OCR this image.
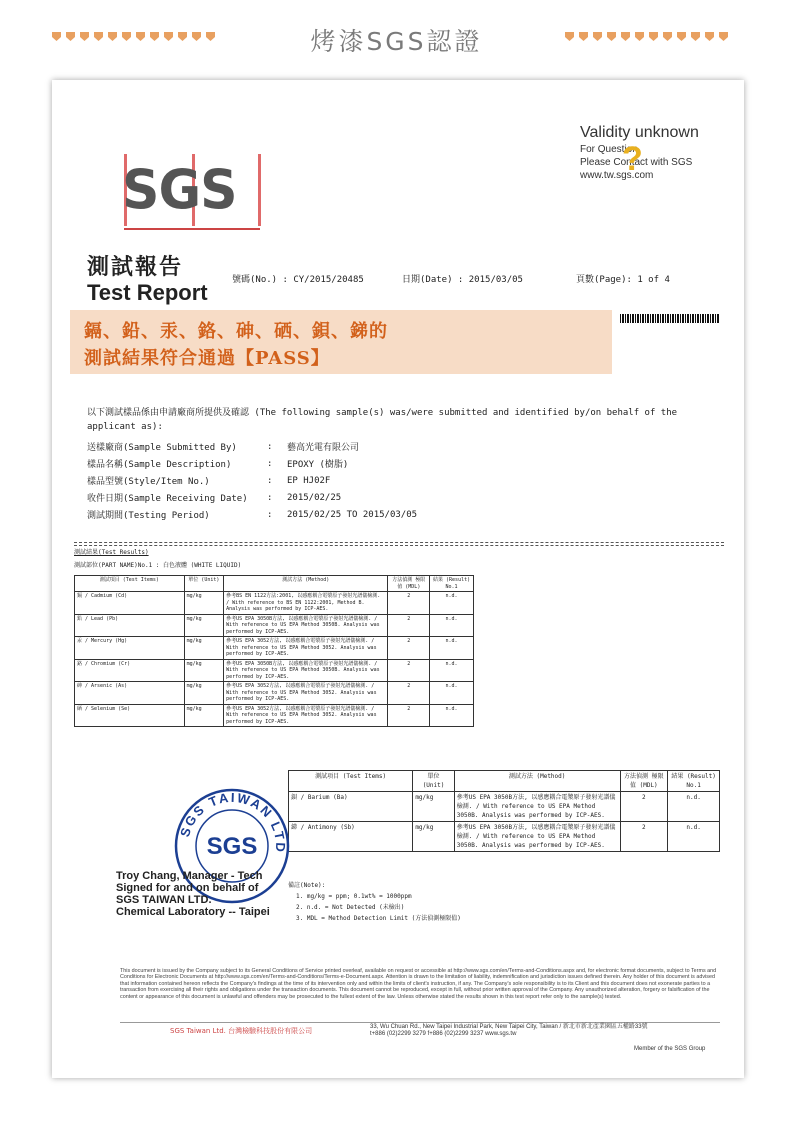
烤漆SGS認證
SGS
Validity unknown
For Question
Please Contact with SGS
www.tw.sgs.com
?
測試報告
Test Report	號碼(No.) : CY/2015/20485	日期(Date) : 2015/03/05	頁數(Page): 1 of 4
鎘、鉛、汞、鉻、砷、硒、鋇、銻的
測試結果符合通過【PASS】
以下測試樣品係由申請廠商所提供及確認 (The following sample(s) was/were submitted and identified by/on behalf of the applicant as):
送樣廠商(Sample Submitted By)	:	藝高光電有限公司
樣品名稱(Sample Description)	:	EPOXY (樹脂)
樣品型號(Style/Item No.)	:	EP HJ02F
收件日期(Sample Receiving Date)	:	2015/02/25
測試期間(Testing Period)	:	2015/02/25 TO 2015/03/05
測試結果(Test Results)
測試部位(PART NAME)No.1 : 白色液體 (WHITE LIQUID)
測試項目 (Test Items)	單位 (Unit)	測試方法 (Method)	方法偵測 極限值 (MDL)	結果 (Result) No.1
鎘 / Cadmium (Cd)	mg/kg	參考BS EN 1122方法:2001, 以感應耦合電漿原子發射光譜儀檢測. / With reference to BS EN 1122:2001, Method B. Analysis was performed by ICP-AES.	2	n.d.
鉛 / Lead (Pb)	mg/kg	參考US EPA 3050B方法, 以感應耦合電漿原子發射光譜儀檢測. / With reference to US EPA Method 3050B. Analysis was performed by ICP-AES.	2	n.d.
汞 / Mercury (Hg)	mg/kg	參考US EPA 3052方法, 以感應耦合電漿原子發射光譜儀檢測. / With reference to US EPA Method 3052. Analysis was performed by ICP-AES.	2	n.d.
鉻 / Chromium (Cr)	mg/kg	參考US EPA 3050B方法, 以感應耦合電漿原子發射光譜儀檢測. / With reference to US EPA Method 3050B. Analysis was performed by ICP-AES.	2	n.d.
砷 / Arsenic (As)	mg/kg	參考US EPA 3052方法, 以感應耦合電漿原子發射光譜儀檢測. / With reference to US EPA Method 3052. Analysis was performed by ICP-AES.	2	n.d.
硒 / Selenium (Se)	mg/kg	參考US EPA 3052方法, 以感應耦合電漿原子發射光譜儀檢測. / With reference to US EPA Method 3052. Analysis was performed by ICP-AES.	2	n.d.
測試項目 (Test Items)	單位 (Unit)	測試方法 (Method)	方法偵測 極限值 (MDL)	結果 (Result) No.1
鋇 / Barium (Ba)	mg/kg	參考US EPA 3050B方法, 以感應耦合電漿原子發射光譜儀檢測. / With reference to US EPA Method 3050B. Analysis was performed by ICP-AES.	2	n.d.
銻 / Antimony (Sb)	mg/kg	參考US EPA 3050B方法, 以感應耦合電漿原子發射光譜儀檢測. / With reference to US EPA Method 3050B. Analysis was performed by ICP-AES.	2	n.d.
備註(Note):
1. mg/kg = ppm; 0.1wt% = 1000ppm
2. n.d. = Not Detected (未檢出)
3. MDL = Method Detection Limit (方法偵測極限值)
SGS TAIWAN LTD
SGS
Troy Chang, Manager - Tech
Signed for and on behalf of
SGS TAIWAN LTD.
Chemical Laboratory -- Taipei
This document is issued by the Company subject to its General Conditions of Service printed overleaf, available on request or accessible at http://www.sgs.com/en/Terms-and-Conditions.aspx and, for electronic format documents, subject to Terms and Conditions for Electronic Documents at http://www.sgs.com/en/Terms-and-Conditions/Terms-e-Document.aspx. Attention is drawn to the limitation of liability, indemnification and jurisdiction issues defined therein. Any holder of this document is advised that information contained hereon reflects the Company's findings at the time of its intervention only and within the limits of client's instruction, if any. The Company's sole responsibility is to its Client and this document does not exonerate parties to a transaction from exercising all their rights and obligations under the transaction documents. This document cannot be reproduced, except in full, without prior written approval of the Company. Any unauthorized alteration, forgery or falsification of the content or appearance of this document is unlawful and offenders may be prosecuted to the fullest extent of the law. Unless otherwise stated the results shown in this test report refer only to the sample(s) tested.
SGS Taiwan Ltd. 台灣檢驗科技股份有限公司	33, Wu Chuan Rd., New Taipei Industrial Park, New Taipei City, Taiwan / 新北市新北產業園區五權路33號
t+886 (02)2299 3279 f+886 (02)2299 3237 www.sgs.tw
Member of the SGS Group
